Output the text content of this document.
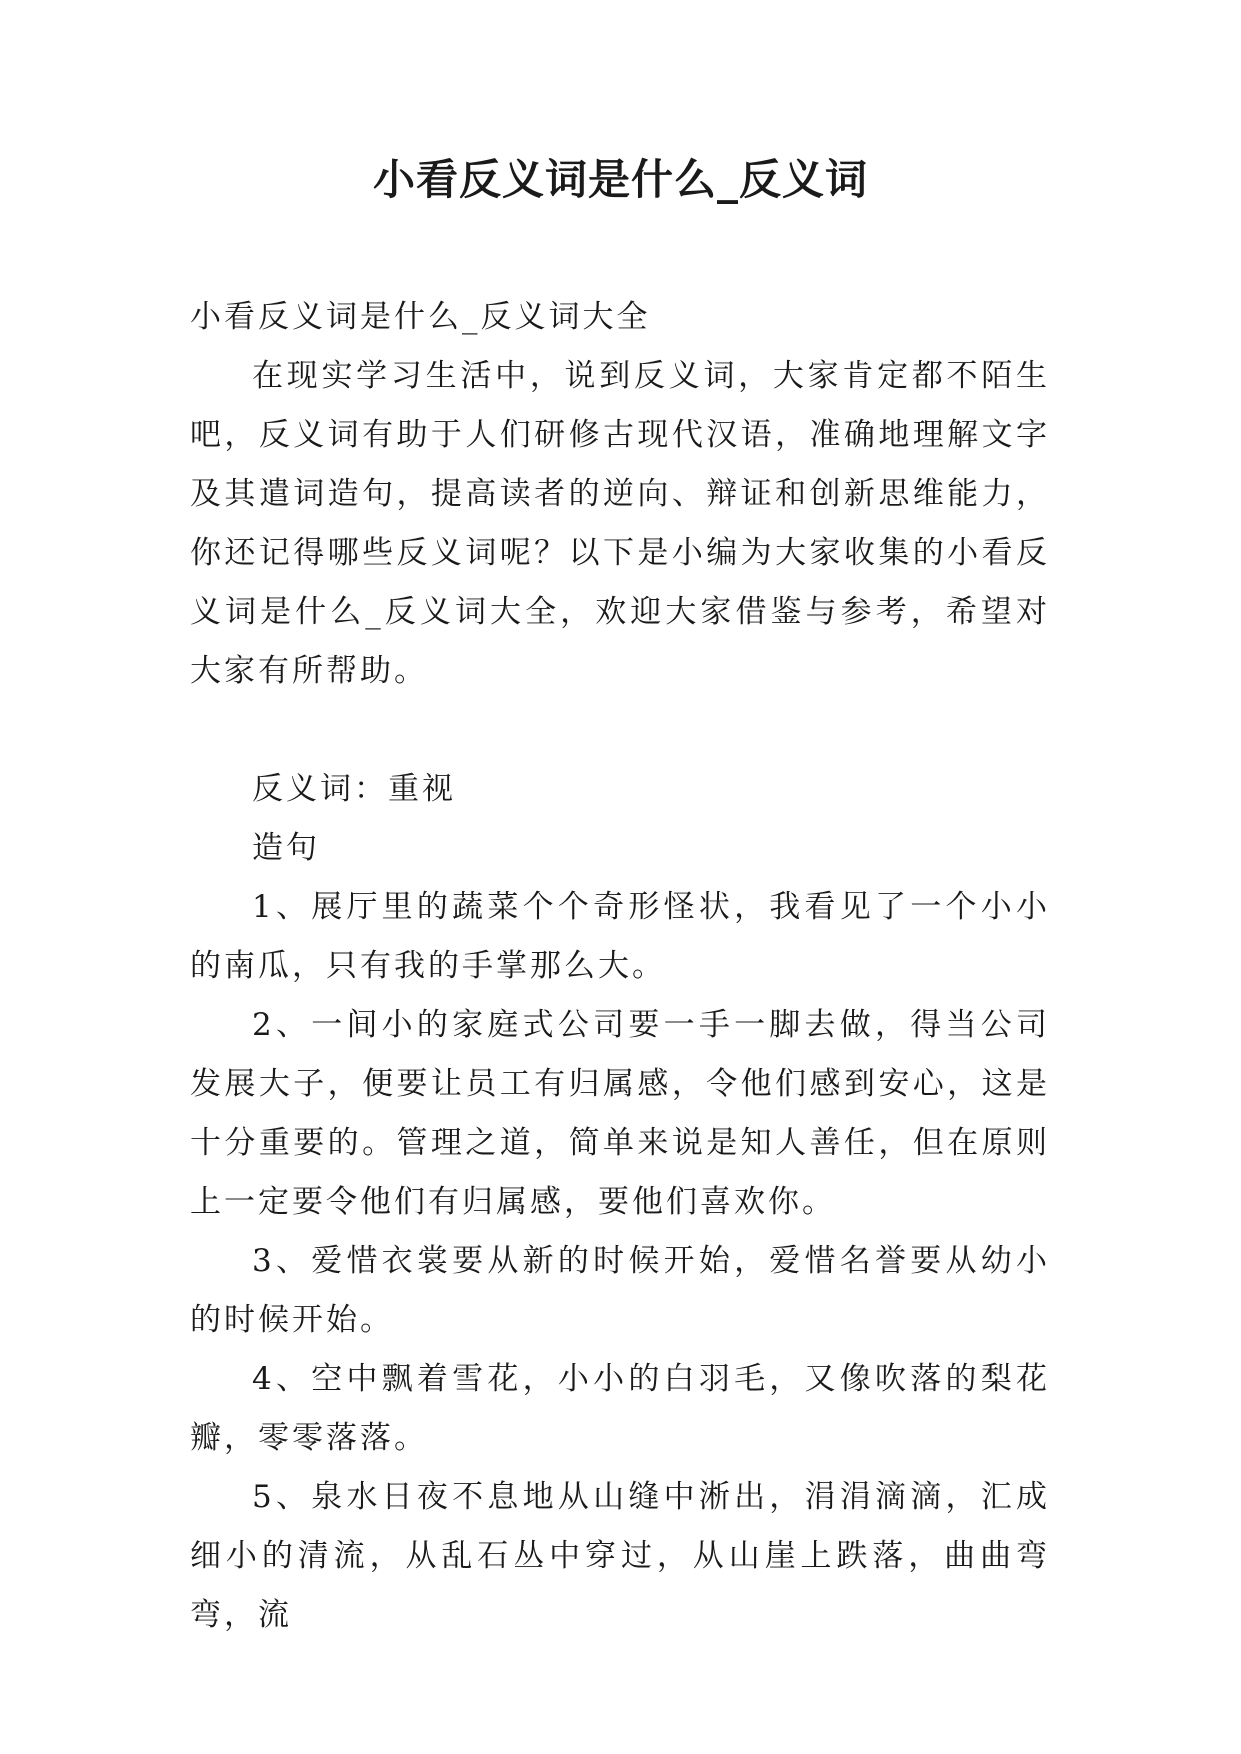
小看反义词是什么_反义词

小看反义词是什么_反义词大全

在现实学习生活中，说到反义词，大家肯定都不陌生吧，反义词有助于人们研修古现代汉语，准确地理解文字及其遣词造句，提高读者的逆向、辩证和创新思维能力，你还记得哪些反义词呢？以下是小编为大家收集的小看反义词是什么_反义词大全，欢迎大家借鉴与参考，希望对大家有所帮助。

反义词：重视

造句

1、展厅里的蔬菜个个奇形怪状，我看见了一个小小的南瓜，只有我的手掌那么大。

2、一间小的家庭式公司要一手一脚去做，得当公司发展大子，便要让员工有归属感，令他们感到安心，这是十分重要的。管理之道，简单来说是知人善任，但在原则上一定要令他们有归属感，要他们喜欢你。

3、爱惜衣裳要从新的时候开始，爱惜名誉要从幼小的时候开始。

4、空中飘着雪花，小小的白羽毛，又像吹落的梨花瓣，零零落落。

5、泉水日夜不息地从山缝中淅出，涓涓滴滴，汇成细小的清流，从乱石丛中穿过，从山崖上跌落，曲曲弯弯，流
